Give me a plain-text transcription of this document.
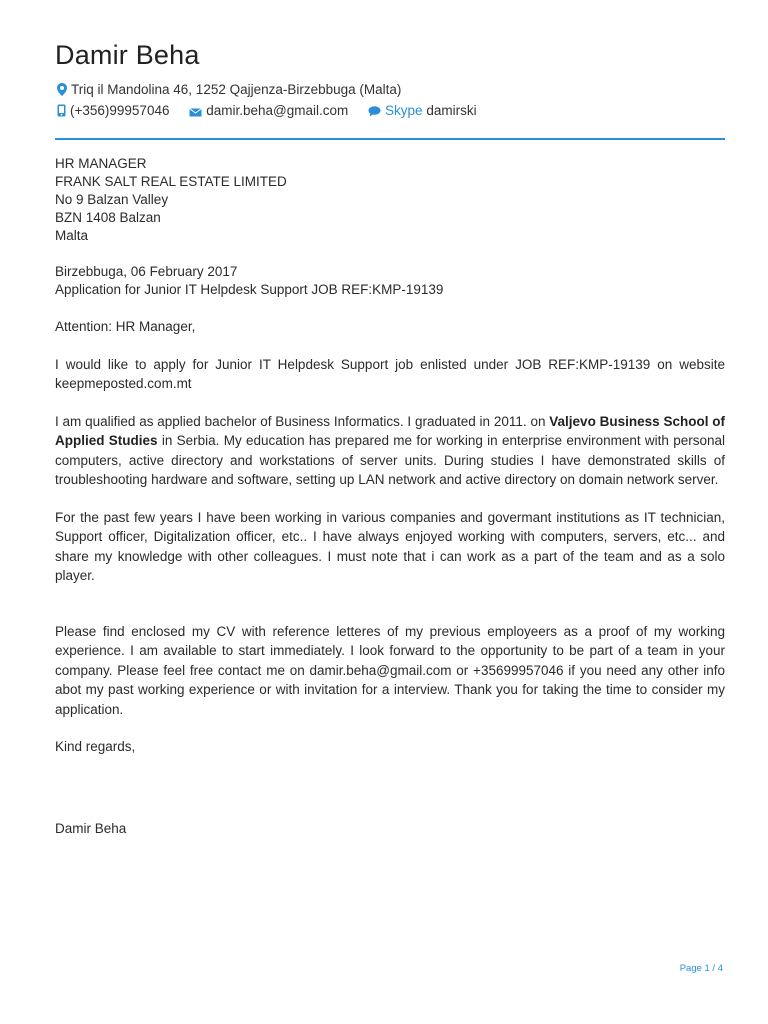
Damir Beha
Triq il Mandolina 46, 1252 Qajjenza-Birzebbuga (Malta)
(+356)99957046	damir.beha@gmail.com	Skype damirski

HR MANAGER

FRANK SALT REAL ESTATE LIMITED

No 9 Balzan Valley

BZN 1408 Balzan

Malta

Birzebbuga, 06 February 2017

Application for Junior IT Helpdesk Support JOB REF:KMP-19139

Attention: HR Manager,

I would like to apply for Junior IT Helpdesk Support job enlisted under JOB REF:KMP-19139 on website keepmeposted.com.mt

I am qualified as applied bachelor of Business Informatics. I graduated in 2011. on Valjevo Business School of Applied Studies in Serbia. My education has prepared me for working in enterprise environment with personal computers, active directory and workstations of server units. During studies I have demonstrated skills of troubleshooting hardware and software, setting up LAN network and active directory on domain network server.

For the past few years I have been working in various companies and govermant institutions as IT technician, Support officer, Digitalization officer, etc.. I have always enjoyed working with computers, servers, etc... and share my knowledge with other colleagues. I must note that i can work as a part of the team and as a solo player.

Please find enclosed my CV with reference letteres of my previous employeers as a proof of my working experience. I am available to start immediately. I look forward to the opportunity to be part of a team in your company. Please feel free contact me on damir.beha@gmail.com or +35699957046 if you need any other info abot my past working experience or with invitation for a interview. Thank you for taking the time to consider my application.

Kind regards,

Damir Beha

Page 1 / 4
